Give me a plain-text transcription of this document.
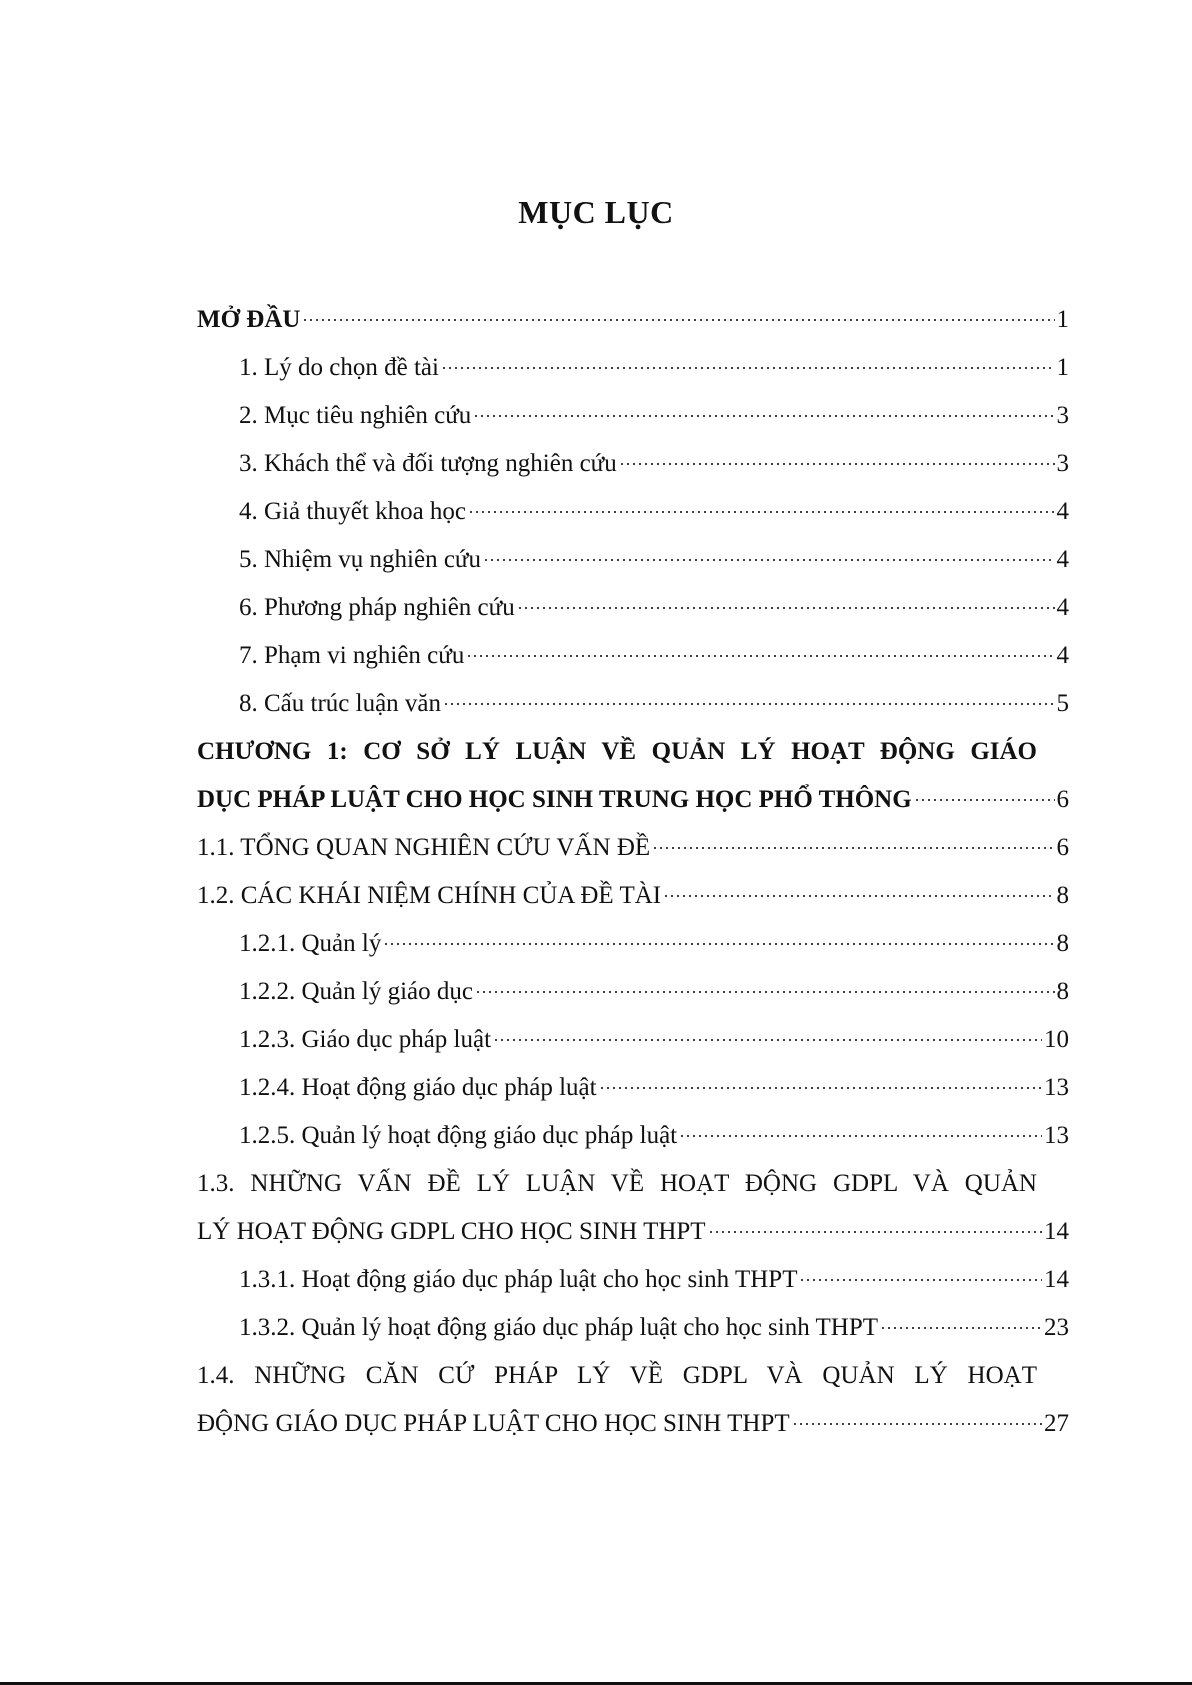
MỤC LỤC
MỞ ĐẦU	1
1. Lý do chọn đề tài	1
2. Mục tiêu nghiên cứu	3
3. Khách thể và đối tượng nghiên cứu	3
4. Giả thuyết khoa học	4
5. Nhiệm vụ nghiên cứu	4
6. Phương pháp nghiên cứu	4
7. Phạm vi nghiên cứu	4
8. Cấu trúc luận văn	5
CHƯƠNG 1: CƠ SỞ LÝ LUẬN VỀ QUẢN LÝ HOẠT ĐỘNG GIÁO
DỤC PHÁP LUẬT CHO HỌC SINH TRUNG HỌC PHỔ THÔNG	6
1.1. TỔNG QUAN NGHIÊN CỨU VẤN ĐỀ	6
1.2. CÁC KHÁI NIỆM CHÍNH CỦA ĐỀ TÀI	8
1.2.1. Quản lý	8
1.2.2. Quản lý giáo dục	8
1.2.3. Giáo dục pháp luật	10
1.2.4. Hoạt động giáo dục pháp luật	13
1.2.5. Quản lý hoạt động giáo dục pháp luật	13
1.3. NHỮNG VẤN ĐỀ LÝ LUẬN VỀ HOẠT ĐỘNG GDPL VÀ QUẢN
LÝ HOẠT ĐỘNG GDPL CHO HỌC SINH THPT	14
1.3.1. Hoạt động giáo dục pháp luật cho học sinh THPT	14
1.3.2. Quản lý hoạt động giáo dục pháp luật cho học sinh THPT	23
1.4. NHỮNG CĂN CỨ PHÁP LÝ VỀ GDPL VÀ QUẢN LÝ HOẠT
ĐỘNG GIÁO DỤC PHÁP LUẬT CHO HỌC SINH THPT	27
